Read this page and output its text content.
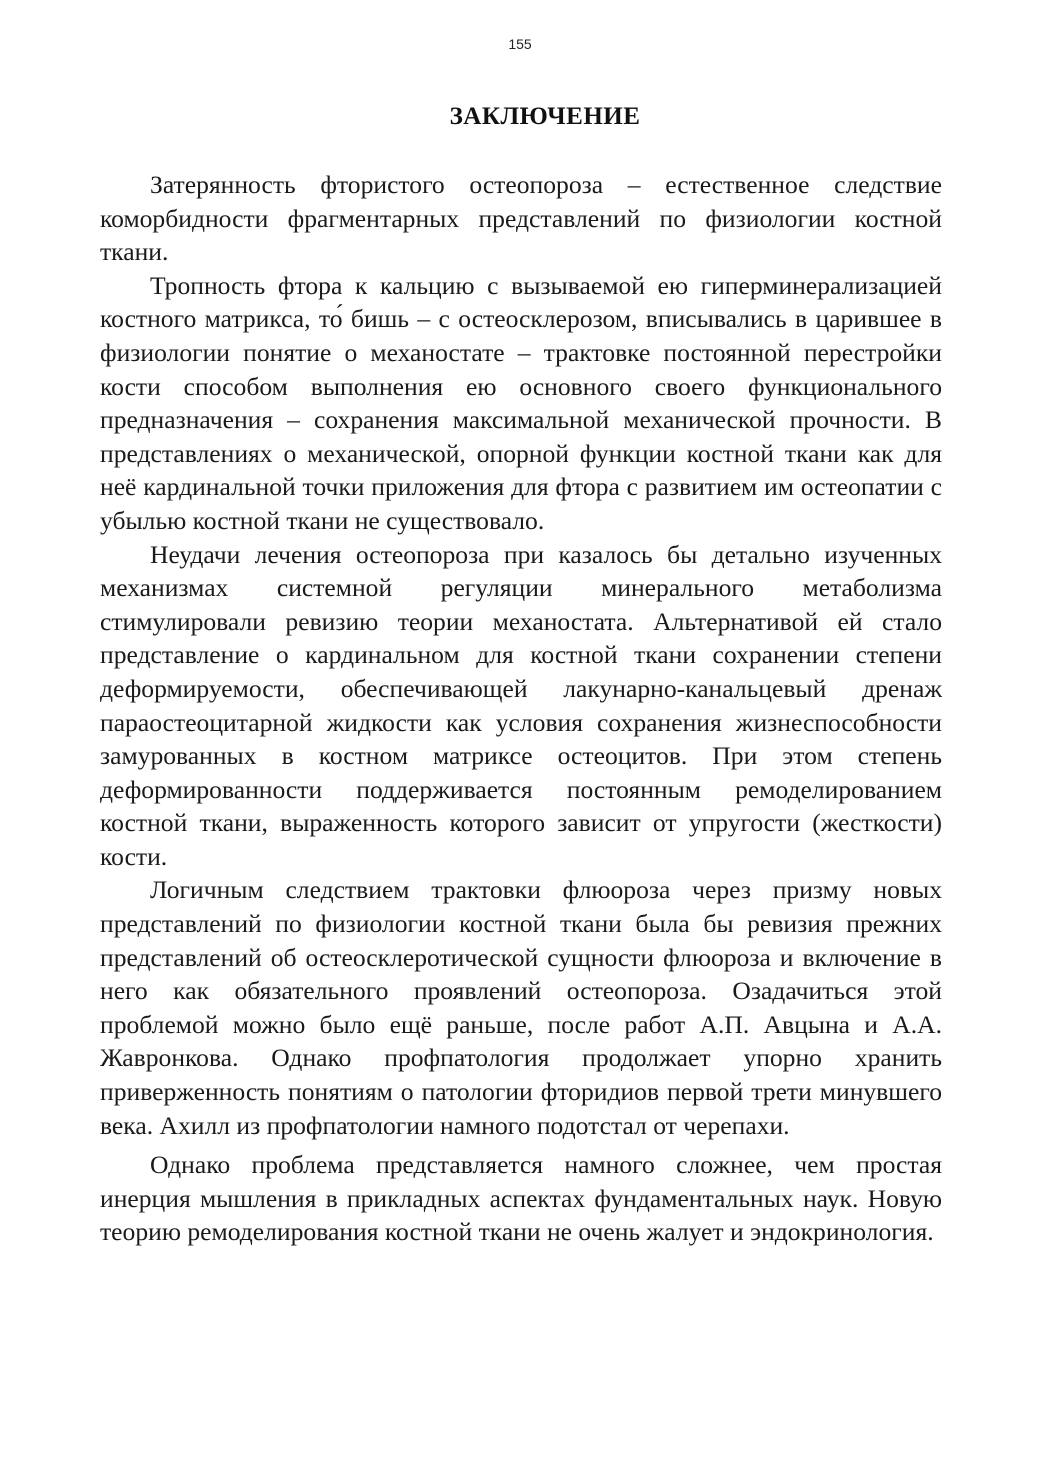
155
ЗАКЛЮЧЕНИЕ

Затерянность фтористого остеопороза – естественное следствие коморбидности фрагментарных представлений по физиологии костной ткани.

Тропность фтора к кальцию с вызываемой ею гиперминерализацией костного матрикса, то́ бишь – с остеосклерозом, вписывались в царившее в физиологии понятие о механостате – трактовке постоянной перестройки кости способом выполнения ею основного своего функционального предназначения – сохранения максимальной механической прочности. В представлениях о механической, опорной функции костной ткани как для неё кардинальной точки приложения для фтора с развитием им остеопатии с убылью костной ткани не существовало.

Неудачи лечения остеопороза при казалось бы детально изученных механизмах системной регуляции минерального метаболизма стимулировали ревизию теории механостата. Альтернативой ей стало представление о кардинальном для костной ткани сохранении степени деформируемости, обеспечивающей лакунарно-канальцевый дренаж параостеоцитарной жидкости как условия сохранения жизнеспособности замурованных в костном матриксе остеоцитов. При этом степень деформированности поддерживается постоянным ремоделированием костной ткани, выраженность которого зависит от упругости (жесткости) кости.

Логичным следствием трактовки флюороза через призму новых представлений по физиологии костной ткани была бы ревизия прежних представлений об остеосклеротической сущности флюороза и включение в него как обязательного проявлений остеопороза. Озадачиться этой проблемой можно было ещё раньше, после работ А.П. Авцына и А.А. Жавронкова. Однако профпатология продолжает упорно хранить приверженность понятиям о патологии фторидиов первой трети минувшего века. Ахилл из профпатологии намного подотстал от черепахи.

Однако проблема представляется намного сложнее, чем простая инерция мышления в прикладных аспектах фундаментальных наук. Новую теорию ремоделирования костной ткани не очень жалует и эндокринология.
